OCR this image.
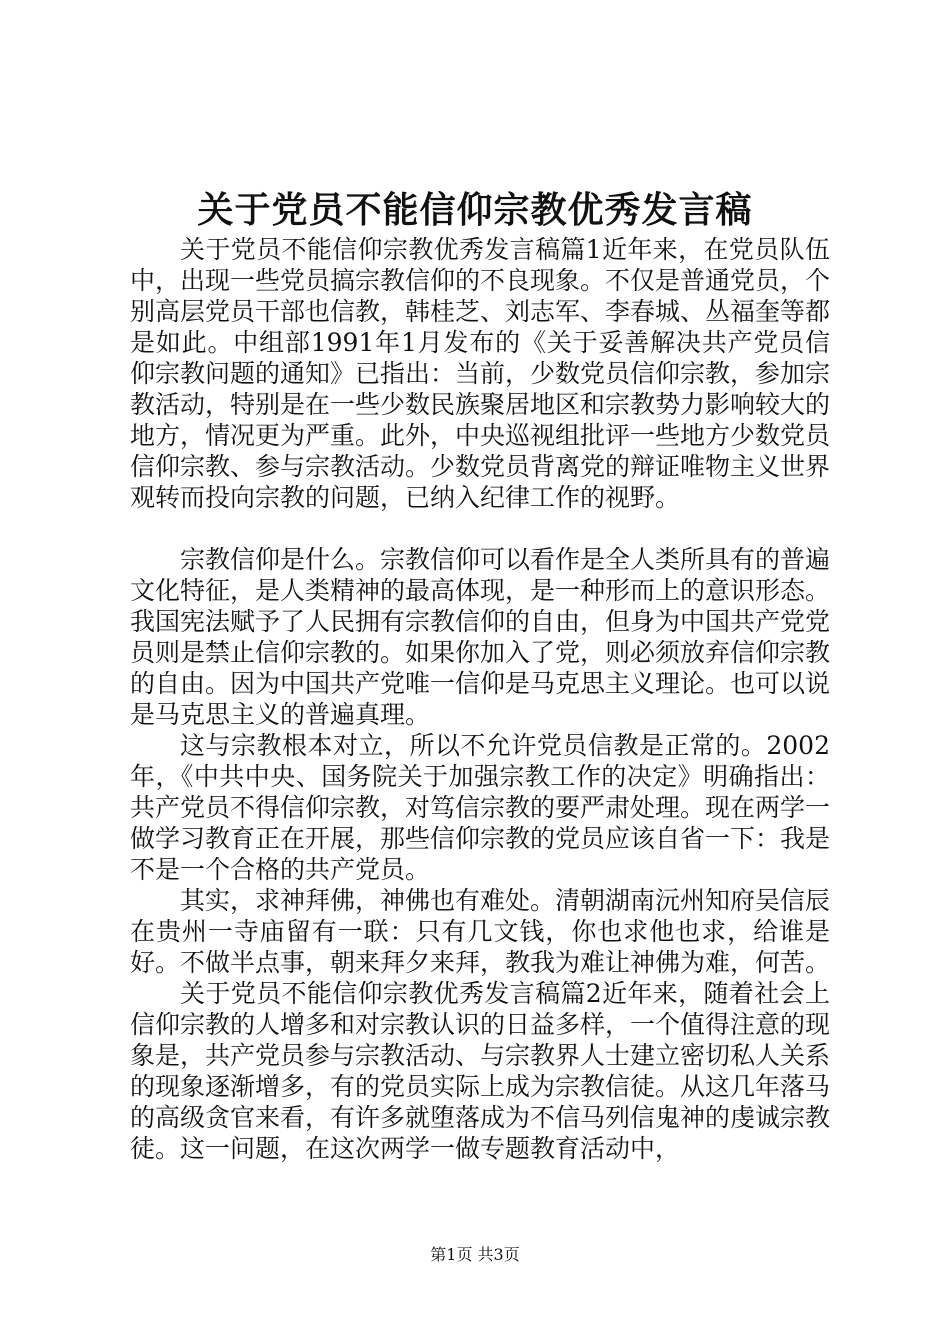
关于党员不能信仰宗教优秀发言稿

关于党员不能信仰宗教优秀发言稿篇1近年来，在党员队伍中，出现一些党员搞宗教信仰的不良现象。不仅是普通党员，个别高层党员干部也信教，韩桂芝、刘志军、李春城、丛福奎等都是如此。中组部1991年1月发布的《关于妥善解决共产党员信仰宗教问题的通知》已指出：当前，少数党员信仰宗教，参加宗教活动，特别是在一些少数民族聚居地区和宗教势力影响较大的地方，情况更为严重。此外，中央巡视组批评一些地方少数党员信仰宗教、参与宗教活动。少数党员背离党的辩证唯物主义世界观转而投向宗教的问题，已纳入纪律工作的视野。

宗教信仰是什么。宗教信仰可以看作是全人类所具有的普遍文化特征，是人类精神的最高体现，是一种形而上的意识形态。我国宪法赋予了人民拥有宗教信仰的自由，但身为中国共产党党员则是禁止信仰宗教的。如果你加入了党，则必须放弃信仰宗教的自由。因为中国共产党唯一信仰是马克思主义理论。也可以说是马克思主义的普遍真理。

这与宗教根本对立，所以不允许党员信教是正常的。2002年，《中共中央、国务院关于加强宗教工作的决定》明确指出：共产党员不得信仰宗教，对笃信宗教的要严肃处理。现在两学一做学习教育正在开展，那些信仰宗教的党员应该自省一下：我是不是一个合格的共产党员。

其实，求神拜佛，神佛也有难处。清朝湖南沅州知府吴信辰在贵州一寺庙留有一联：只有几文钱，你也求他也求，给谁是好。不做半点事，朝来拜夕来拜，教我为难让神佛为难，何苦。

关于党员不能信仰宗教优秀发言稿篇2近年来，随着社会上信仰宗教的人增多和对宗教认识的日益多样，一个值得注意的现象是，共产党员参与宗教活动、与宗教界人士建立密切私人关系的现象逐渐增多，有的党员实际上成为宗教信徒。从这几年落马的高级贪官来看，有许多就堕落成为不信马列信鬼神的虔诚宗教徒。这一问题，在这次两学一做专题教育活动中，

第1页 共3页
